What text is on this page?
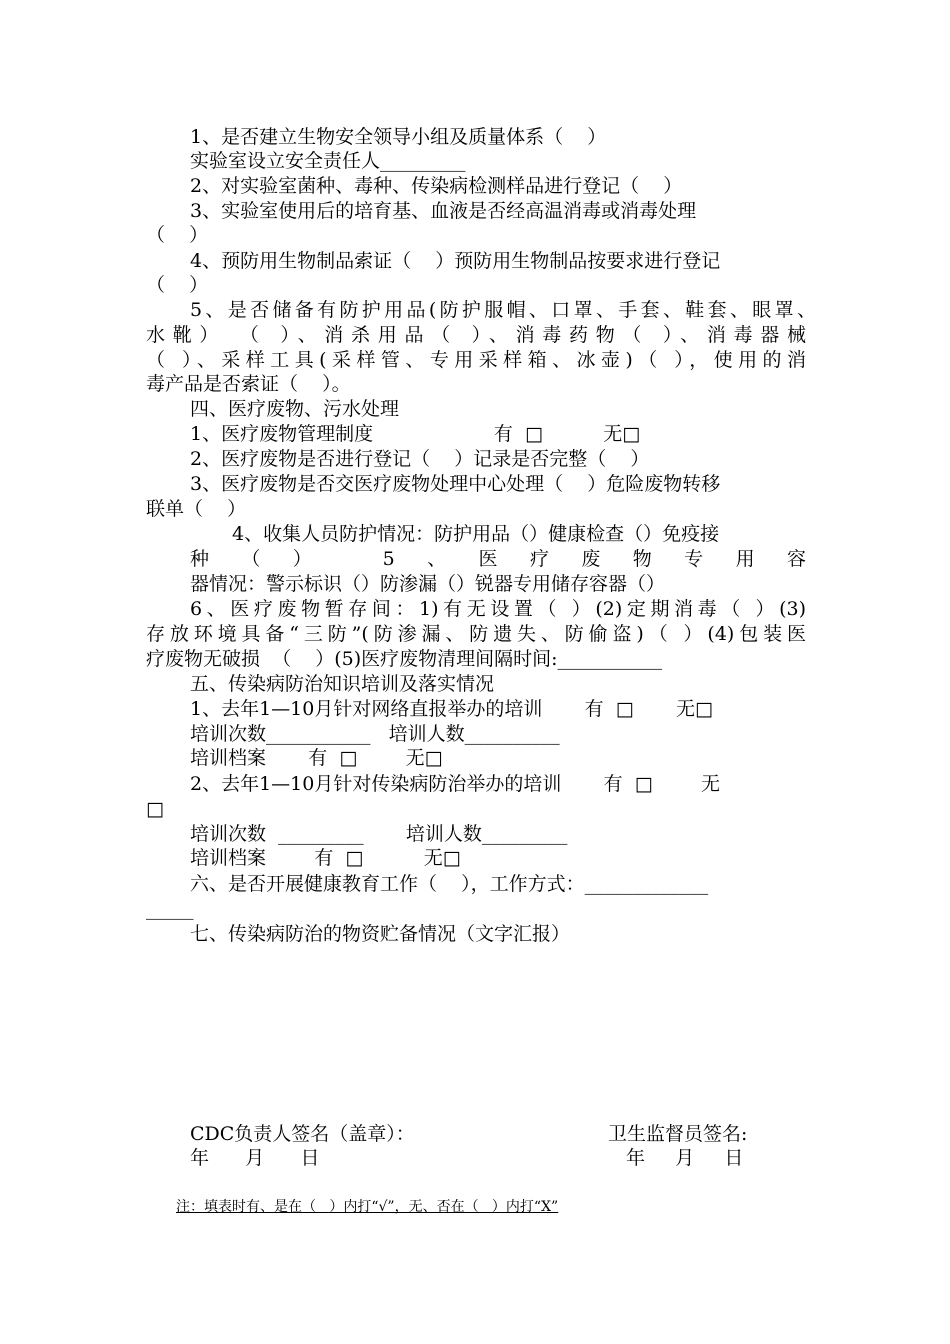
1、是否建立生物安全领导小组及质量体系（    ）
实验室设立安全责任人_________
2、对实验室菌种、毒种、传染病检测样品进行登记（    ）
3、实验室使用后的培育基、血液是否经高温消毒或消毒处理
（    ）
4、预防用生物制品索证（    ）预防用生物制品按要求进行登记
（    ）
5、是否储备有防护用品(防护服帽、口罩、手套、鞋套、眼罩、
水靴） （ ）、消杀用品（ ）、消毒药物（ ）、消毒器械
（ ）、采样工具(采样管、专用采样箱、冰壶)（ ），使用的消
毒产品是否索证（    ）。
四、医疗废物、污水处理
1、医疗废物管理制度                    有  □          无□
2、医疗废物是否进行登记（    ）记录是否完整（    ）
3、医疗废物是否交医疗废物处理中心处理（    ）危险废物转移
联单（    ）
4、收集人员防护情况：防护用品（）健康检查（）免疫接
种（） 5、医疗废物专用容
器情况：警示标识（）防渗漏（）锐器专用储存容器（）
6、医疗废物暂存间：1)有无设置（ ）(2)定期消毒（ ）(3)
存放环境具备“三防”(防渗漏、防遗失、防偷盗)（ ）(4)包装医
疗废物无破损  （    ）(5)医疗废物清理间隔时间:___________
五、传染病防治知识培训及落实情况
1、去年1—10月针对网络直报举办的培训       有  □       无□
培训次数___________   培训人数__________
培训档案       有  □        无□
2、去年1—10月针对传染病防治举办的培训       有  □        无
□
培训次数  _________       培训人数_________
培训档案        有  □          无□
六、是否开展健康教育工作（    ），工作方式：_____________
_____
七、传染病防治的物资贮备情况（文字汇报）
CDC负责人签名（盖章）：	卫生监督员签名:
年      月      日	年     月     日
注：填表时有、是在（   ）内打“√”，无、否在（   ）内打“X”
